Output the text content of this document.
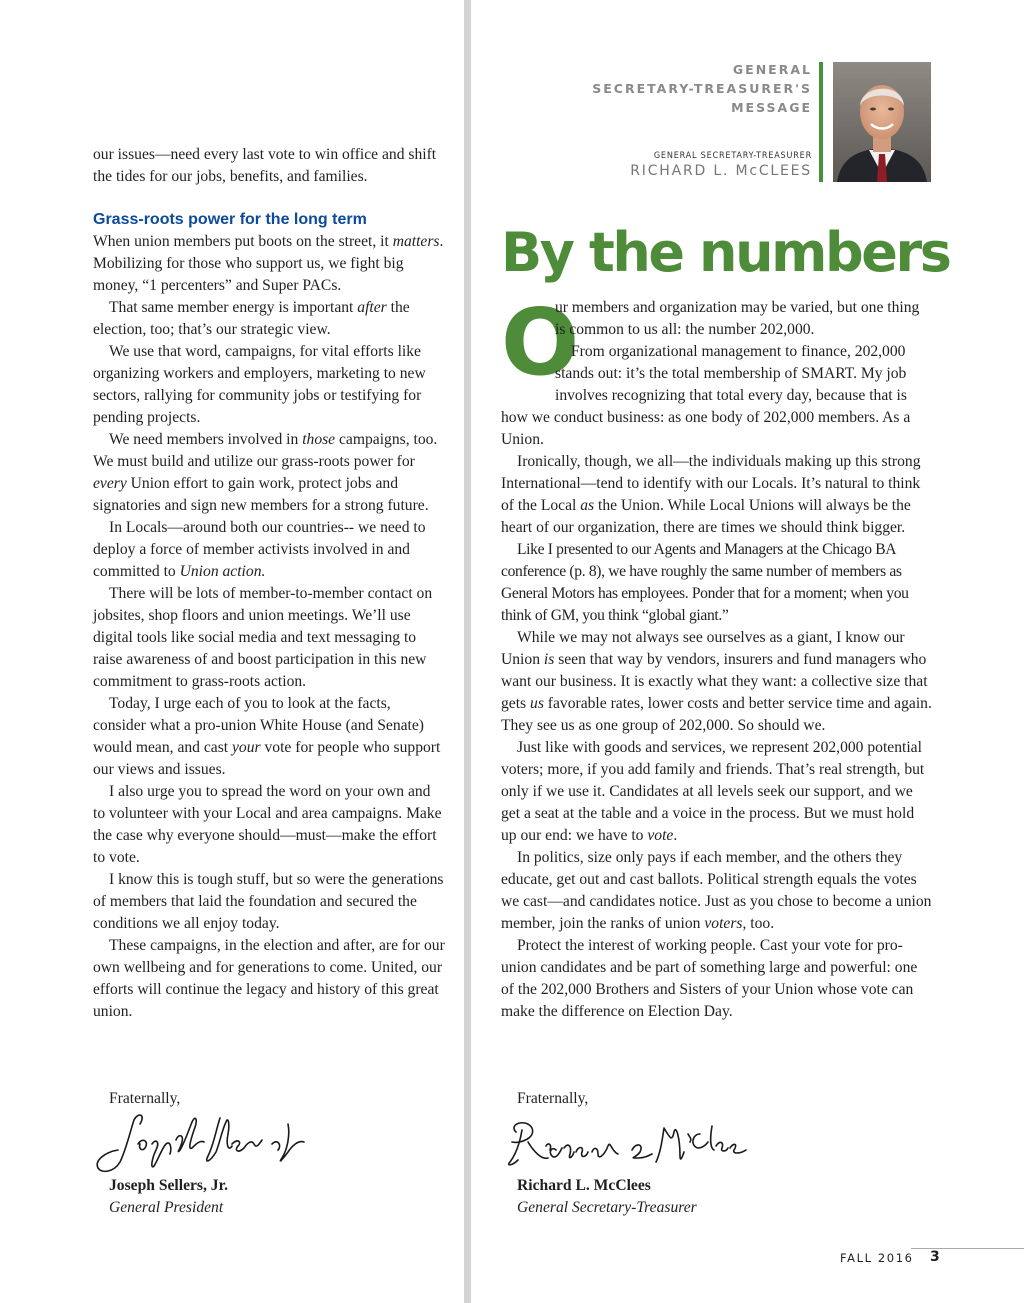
our issues—need every last vote to win office and shift the tides for our jobs, benefits, and families.

Grass-roots power for the long term

When union members put boots on the street, it matters. Mobilizing for those who support us, we fight big money, “1 percenters” and Super PACs.

That same member energy is important after the election, too; that’s our strategic view.

We use that word, campaigns, for vital efforts like organizing workers and employers, marketing to new sectors, rallying for community jobs or testifying for pending projects.

We need members involved in those campaigns, too. We must build and utilize our grass-roots power for every Union effort to gain work, protect jobs and signatories and sign new members for a strong future.

In Locals—around both our countries-- we need to deploy a force of member activists involved in and committed to Union action.

There will be lots of member-to-member contact on jobsites, shop floors and union meetings. We’ll use digital tools like social media and text messaging to raise awareness of and boost participation in this new commitment to grass-roots action.

Today, I urge each of you to look at the facts, consider what a pro-union White House (and Senate) would mean, and cast your vote for people who support our views and issues.

I also urge you to spread the word on your own and to volunteer with your Local and area campaigns. Make the case why everyone should—must—make the effort to vote.

I know this is tough stuff, but so were the generations of members that laid the foundation and secured the conditions we all enjoy today.

These campaigns, in the election and after, are for our own wellbeing and for generations to come. United, our efforts will continue the legacy and history of this great union.

Fraternally,
Joseph Sellers, Jr.
General President
GENERAL
SECRETARY-TREASURER'S
MESSAGE
GENERAL SECRETARY-TREASURER
RICHARD L. McCLEES
By the numbers
O

ur members and organization may be varied, but one thing is common to us all: the number 202,000.

From organizational management to finance, 202,000 stands out: it’s the total membership of SMART. My job involves recognizing that total every day, because that is how we conduct business: as one body of 202,000 members. As a Union.

Ironically, though, we all—the individuals making up this strong International—tend to identify with our Locals. It’s natural to think of the Local as the Union. While Local Unions will always be the heart of our organization, there are times we should think bigger.

Like I presented to our Agents and Managers at the Chicago BA conference (p. 8), we have roughly the same number of members as General Motors has employees. Ponder that for a moment; when you think of GM, you think “global giant.”

While we may not always see ourselves as a giant, I know our Union is seen that way by vendors, insurers and fund managers who want our business. It is exactly what they want: a collective size that gets us favorable rates, lower costs and better service time and again. They see us as one group of 202,000. So should we.

Just like with goods and services, we represent 202,000 potential voters; more, if you add family and friends. That’s real strength, but only if we use it. Candidates at all levels seek our support, and we get a seat at the table and a voice in the process. But we must hold up our end: we have to vote.

In politics, size only pays if each member, and the others they educate, get out and cast ballots. Political strength equals the votes we cast—and candidates notice. Just as you chose to become a union member, join the ranks of union voters, too.

Protect the interest of working people. Cast your vote for pro-union candidates and be part of something large and powerful: one of the 202,000 Brothers and Sisters of your Union whose vote can make the difference on Election Day.

Fraternally,
Richard L. McClees
General Secretary-Treasurer
FALL 2016 3
